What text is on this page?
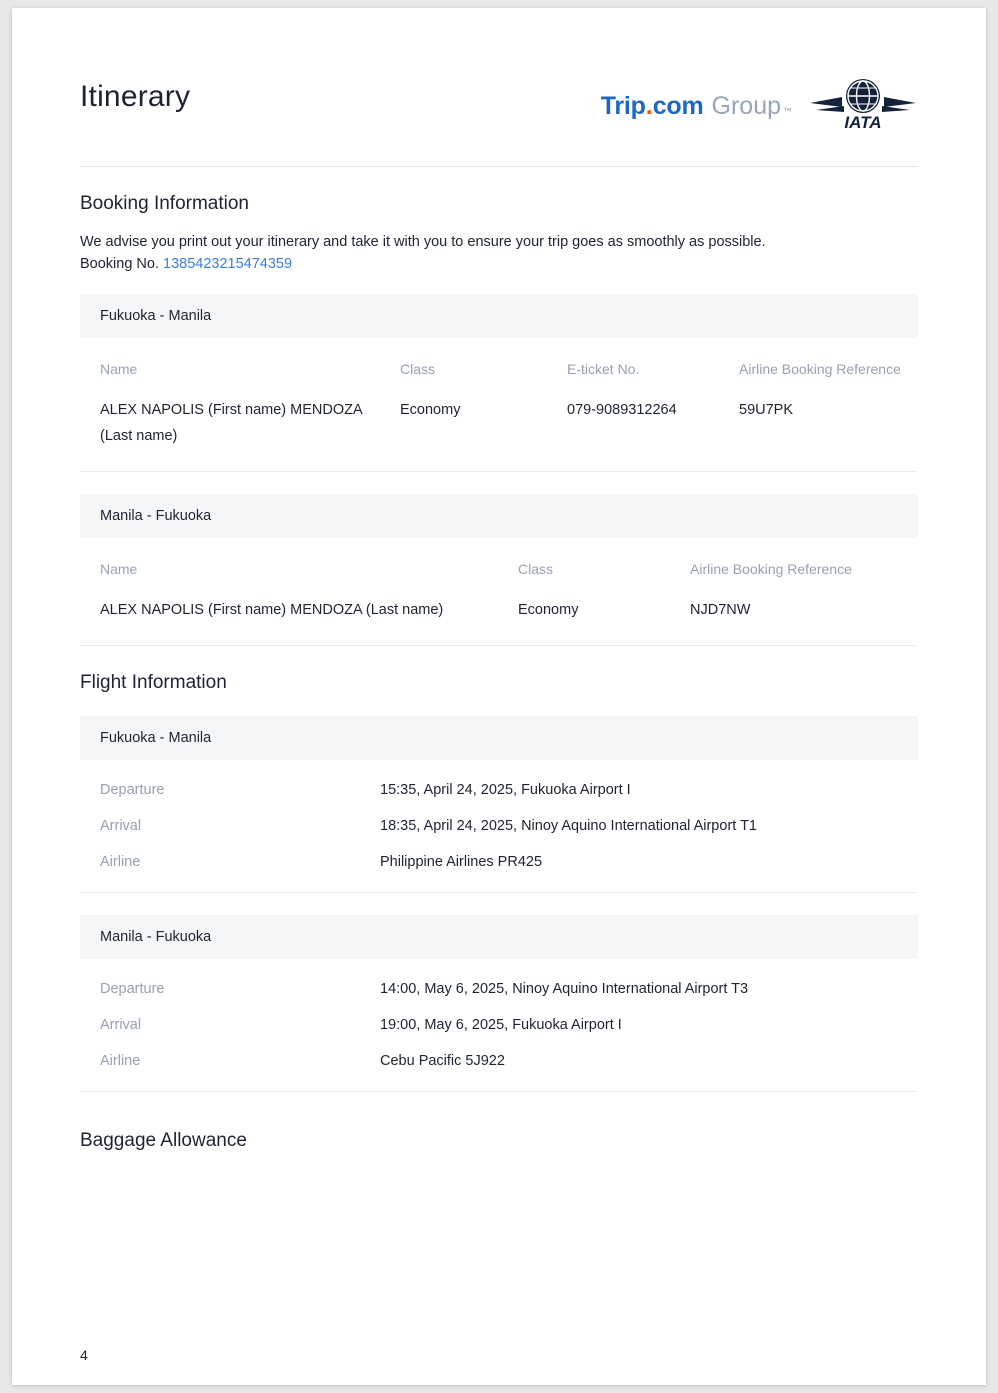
Itinerary	Trip . com Group ™
IATA
Booking Information
We advise you print out your itinerary and take it with you to ensure your trip goes as smoothly as possible.
Booking No. 1385423215474359
Fukuoka - Manila
Name	Class	E-ticket No.	Airline Booking Reference
ALEX NAPOLIS (First name) MENDOZA (Last name)	Economy	079-9089312264	59U7PK
Manila - Fukuoka
Name	Class	Airline Booking Reference
ALEX NAPOLIS (First name) MENDOZA (Last name)	Economy	NJD7NW
Flight Information
Fukuoka - Manila
Departure	15:35, April 24, 2025, Fukuoka Airport I
Arrival	18:35, April 24, 2025, Ninoy Aquino International Airport T1
Airline	Philippine Airlines PR425
Manila - Fukuoka
Departure	14:00, May 6, 2025, Ninoy Aquino International Airport T3
Arrival	19:00, May 6, 2025, Fukuoka Airport I
Airline	Cebu Pacific 5J922
Baggage Allowance
4
